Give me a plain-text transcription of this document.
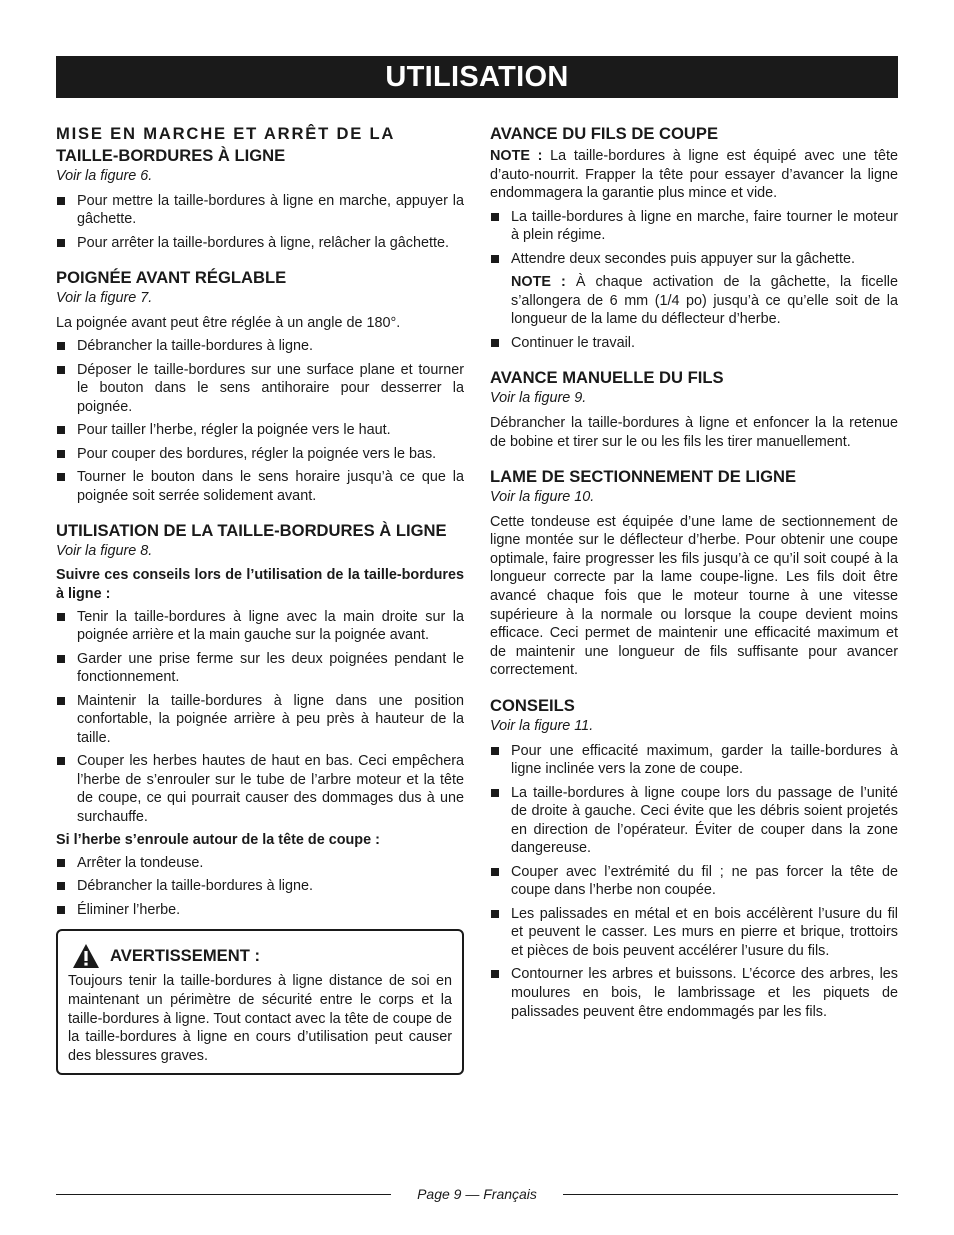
UTILISATION
MISE EN MARCHE ET ARRÊT DE LA
TAILLE-BORDURES À LIGNE
Voir la figure 6.
Pour mettre la taille-bordures à ligne en marche, appuyer la gâchette.
Pour arrêter la taille-bordures à ligne, relâcher la gâchette.
POIGNÉE AVANT RÉGLABLE
Voir la figure 7.

La poignée avant peut être réglée à un angle de 180°.

Débrancher la taille-bordures à ligne.
Déposer le taille-bordures sur une surface plane et tourner le bouton dans le sens antihoraire pour desserrer la poignée.
Pour tailler l’herbe, régler la poignée vers le haut.
Pour couper des bordures, régler la poignée vers le bas.
Tourner le bouton dans le sens horaire jusqu’à ce que la poignée soit serrée solidement avant.
UTILISATION DE LA TAILLE-BORDURES À LIGNE
Voir la figure 8.
Suivre ces conseils lors de l’utilisation de la taille-bordures à ligne :
Tenir la taille-bordures à ligne avec la main droite sur la poignée arrière et la main gauche sur la poignée avant.
Garder une prise ferme sur les deux poignées pendant le fonctionnement.
Maintenir la taille-bordures à ligne dans une position confortable, la poignée arrière à peu près à hauteur de la taille.
Couper les herbes hautes de haut en bas. Ceci empêchera l’herbe de s’enrouler sur le tube de l’arbre moteur et la tête de coupe, ce qui pourrait causer des dommages dus à une surchauffe.
Si l’herbe s’enroule autour de la tête de coupe :
Arrêter la tondeuse.
Débrancher la taille-bordures à ligne.
Éliminer l’herbe.
AVERTISSEMENT :

Toujours tenir la taille-bordures à ligne distance de soi en maintenant un périmètre de sécurité entre le corps et la taille-bordures à ligne. Tout contact avec la tête de coupe de la taille-bordures à ligne en cours d’utilisation peut causer des blessures graves.

AVANCE DU FILS DE COUPE

NOTE : La taille-bordures à ligne est équipé avec une tête d’auto-nourrit. Frapper la tête pour essayer d’avancer la ligne endommagera la garantie plus mince et vide.

La taille-bordures à ligne en marche, faire tourner le moteur à plein régime.
Attendre deux secondes puis appuyer sur la gâchette.
NOTE : À chaque activation de la gâchette, la ficelle s’allongera de 6 mm (1/4 po) jusqu’à ce qu’elle soit de la longueur de la lame du déflecteur d’herbe.
Continuer le travail.
AVANCE MANUELLE DU FILS
Voir la figure 9.

Débrancher la taille-bordures à ligne et enfoncer la la retenue de bobine et tirer sur le ou les fils les tirer manuellement.

LAME DE SECTIONNEMENT DE LIGNE
Voir la figure 10.

Cette tondeuse est équipée d’une lame de sectionnement de ligne montée sur le déflecteur d’herbe. Pour obtenir une coupe optimale, faire progresser les fils jusqu’à ce qu’il soit coupé à la longueur correcte par la lame coupe-ligne. Les fils doit être avancé chaque fois que le moteur tourne à une vitesse supérieure à la normale ou lorsque la coupe devient moins efficace. Ceci permet de maintenir une efficacité maximum et de maintenir une longueur de fils suffisante pour avancer correctement.

CONSEILS
Voir la figure 11.
Pour une efficacité maximum, garder la taille-bordures à ligne inclinée vers la zone de coupe.
La taille-bordures à ligne coupe lors du passage de l’unité de droite à gauche. Ceci évite que les débris soient projetés en direction de l’opérateur. Éviter de couper dans la zone dangereuse.
Couper avec l’extrémité du fil ; ne pas forcer la tête de coupe dans l’herbe non coupée.
Les palissades en métal et en bois accélèrent l’usure du fil et peuvent le casser. Les murs en pierre et brique, trottoirs et pièces de bois peuvent accélérer l’usure du fils.
Contourner les arbres et buissons. L’écorce des arbres, les moulures en bois, le lambrissage et les piquets de palissades peuvent être endommagés par les fils.
Page 9 — Français
